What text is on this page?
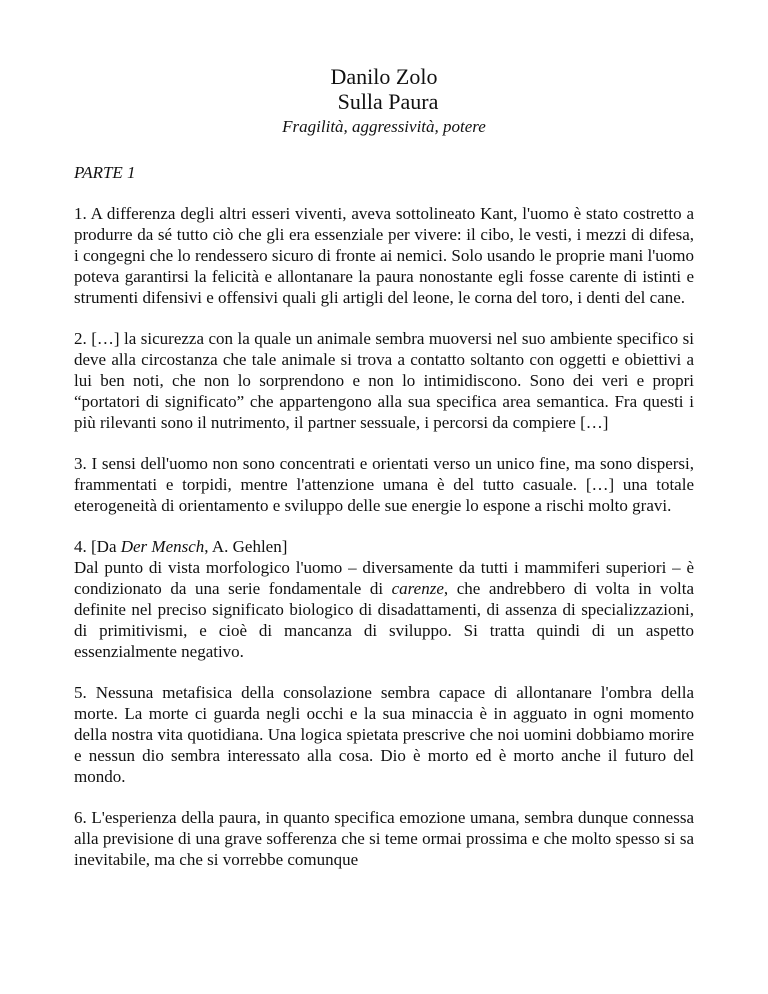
Danilo Zolo
Sulla Paura
Fragilità, aggressività, potere
PARTE 1

1. A differenza degli altri esseri viventi, aveva sottolineato Kant, l'uomo è stato costretto a produrre da sé tutto ciò che gli era essenziale per vivere: il cibo, le vesti, i mezzi di difesa, i congegni che lo rendessero sicuro di fronte ai nemici. Solo usando le proprie mani l'uomo poteva garantirsi la felicità e allontanare la paura nonostante egli fosse carente di istinti e strumenti difensivi e offensivi quali gli artigli del leone, le corna del toro, i denti del cane.

2. […] la sicurezza con la quale un animale sembra muoversi nel suo ambiente specifico si deve alla circostanza che tale animale si trova a contatto soltanto con oggetti e obiettivi a lui ben noti, che non lo sorprendono e non lo intimidiscono. Sono dei veri e propri “portatori di significato” che appartengono alla sua specifica area semantica. Fra questi i più rilevanti sono il nutrimento, il partner sessuale, i percorsi da compiere […]

3. I sensi dell'uomo non sono concentrati e orientati verso un unico fine, ma sono dispersi, frammentati e torpidi, mentre l'attenzione umana è del tutto casuale. […] una totale eterogeneità di orientamento e sviluppo delle sue energie lo espone a rischi molto gravi.

4. [Da Der Mensch, A. Gehlen]
Dal punto di vista morfologico l'uomo – diversamente da tutti i mammiferi superiori – è condizionato da una serie fondamentale di carenze, che andrebbero di volta in volta definite nel preciso significato biologico di disadattamenti, di assenza di specializzazioni, di primitivismi, e cioè di mancanza di sviluppo. Si tratta quindi di un aspetto essenzialmente negativo.

5. Nessuna metafisica della consolazione sembra capace di allontanare l'ombra della morte. La morte ci guarda negli occhi e la sua minaccia è in agguato in ogni momento della nostra vita quotidiana. Una logica spietata prescrive che noi uomini dobbiamo morire e nessun dio sembra interessato alla cosa. Dio è morto ed è morto anche il futuro del mondo.

6. L'esperienza della paura, in quanto specifica emozione umana, sembra dunque connessa alla previsione di una grave sofferenza che si teme ormai prossima e che molto spesso si sa inevitabile, ma che si vorrebbe comunque
